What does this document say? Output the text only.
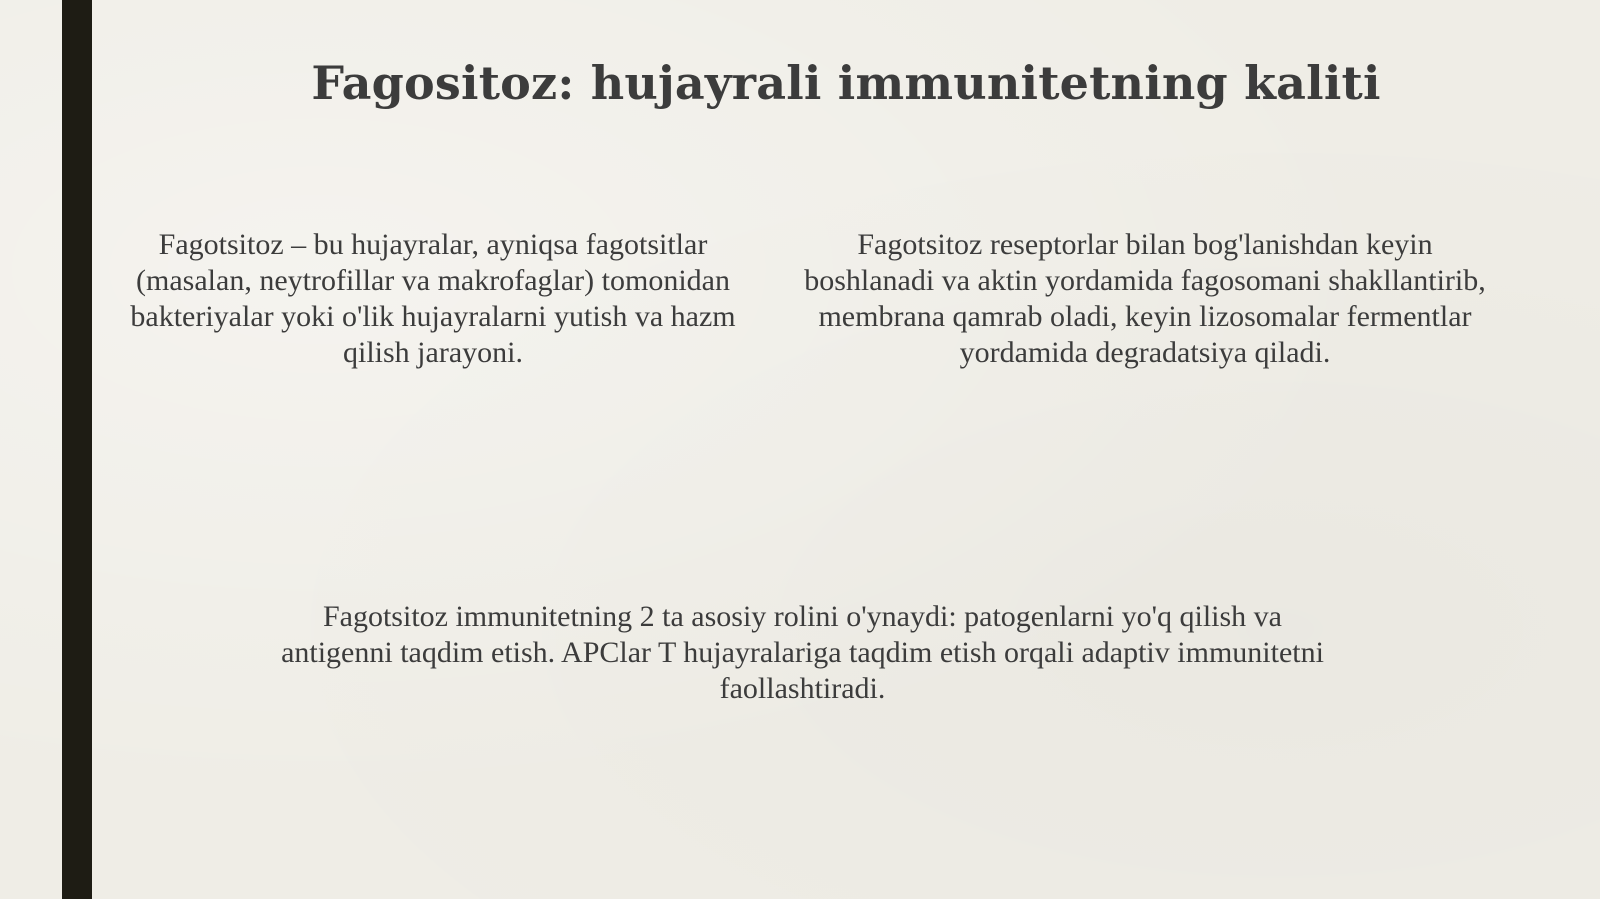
Fagositoz: hujayrali immunitetning kaliti

Fagotsitoz – bu hujayralar, ayniqsa fagotsitlar (masalan, neytrofillar va makrofaglar) tomonidan bakteriyalar yoki o'lik hujayralarni yutish va hazm qilish jarayoni.

Fagotsitoz reseptorlar bilan bog'lanishdan keyin boshlanadi va aktin yordamida fagosomani shakllantirib, membrana qamrab oladi, keyin lizosomalar fermentlar yordamida degradatsiya qiladi.

Fagotsitoz immunitetning 2 ta asosiy rolini o'ynaydi: patogenlarni yo'q qilish va antigenni taqdim etish. APClar T hujayralariga taqdim etish orqali adaptiv immunitetni faollashtiradi.
